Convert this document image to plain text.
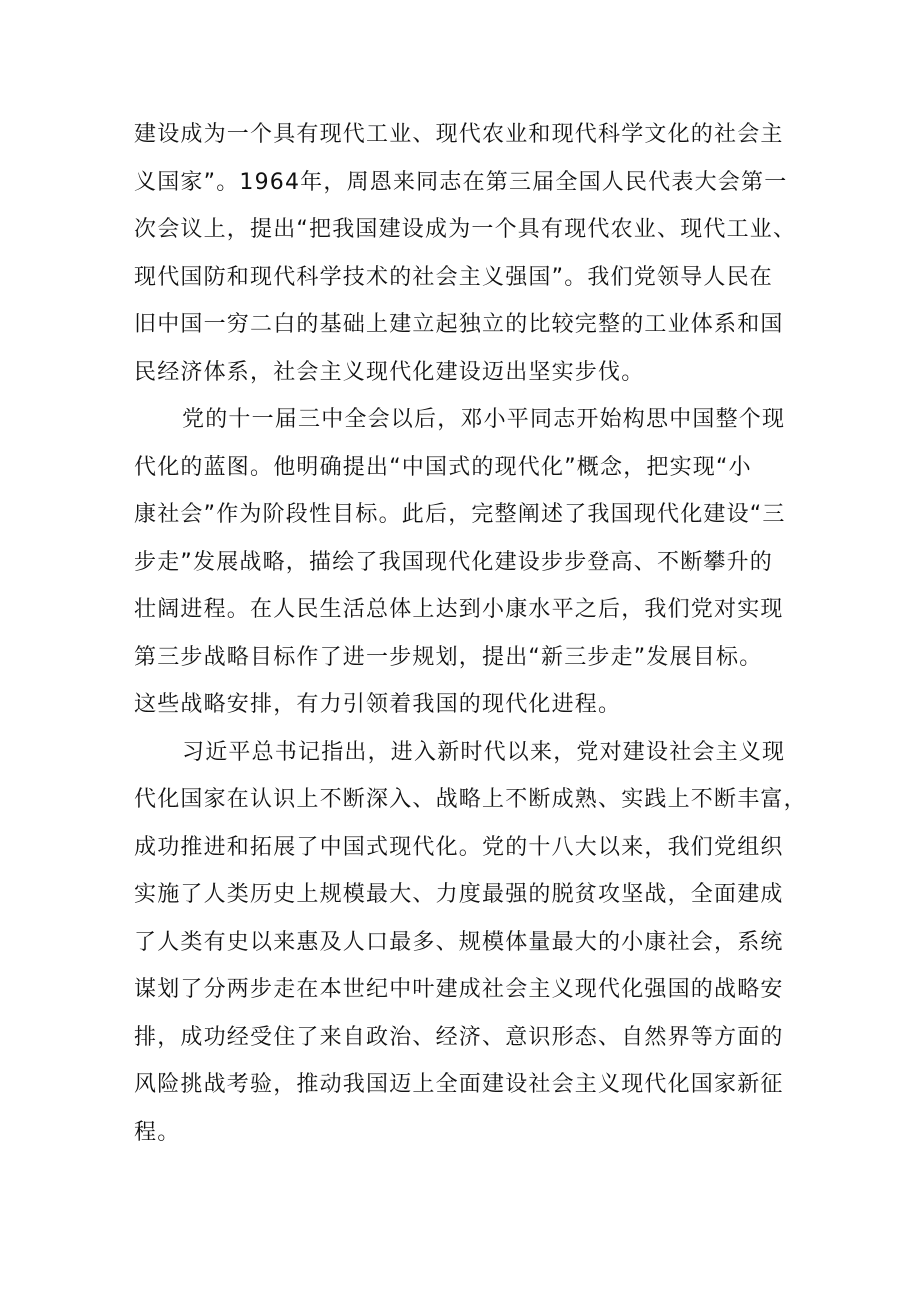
建设成为一个具有现代工业、现代农业和现代科学文化的社会主
义国家”。1964年，周恩来同志在第三届全国人民代表大会第一
次会议上，提出“把我国建设成为一个具有现代农业、现代工业、
现代国防和现代科学技术的社会主义强国”。我们党领导人民在
旧中国一穷二白的基础上建立起独立的比较完整的工业体系和国
民经济体系，社会主义现代化建设迈出坚实步伐。
党的十一届三中全会以后，邓小平同志开始构思中国整个现
代化的蓝图。他明确提出“中国式的现代化”概念，把实现“小
康社会”作为阶段性目标。此后，完整阐述了我国现代化建设“三
步走”发展战略，描绘了我国现代化建设步步登高、不断攀升的
壮阔进程。在人民生活总体上达到小康水平之后，我们党对实现
第三步战略目标作了进一步规划，提出“新三步走”发展目标。
这些战略安排，有力引领着我国的现代化进程。
习近平总书记指出，进入新时代以来，党对建设社会主义现
代化国家在认识上不断深入、战略上不断成熟、实践上不断丰富，
成功推进和拓展了中国式现代化。党的十八大以来，我们党组织
实施了人类历史上规模最大、力度最强的脱贫攻坚战，全面建成
了人类有史以来惠及人口最多、规模体量最大的小康社会，系统
谋划了分两步走在本世纪中叶建成社会主义现代化强国的战略安
排，成功经受住了来自政治、经济、意识形态、自然界等方面的
风险挑战考验，推动我国迈上全面建设社会主义现代化国家新征
程。
